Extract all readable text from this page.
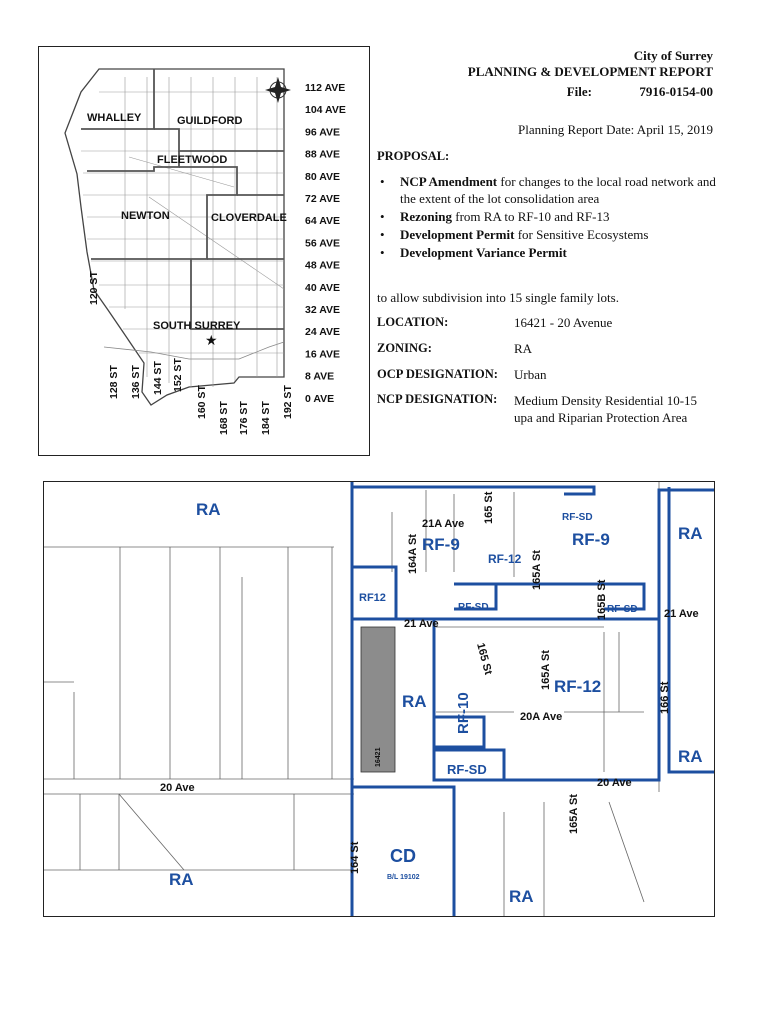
WHALLEY	GUILDFORD
FLEETWOOD
NEWTON	CLOVERDALE
SOUTH SURREY
★
112 AVE
104 AVE
96 AVE
88 AVE
80 AVE
72 AVE
64 AVE
56 AVE
48 AVE
40 AVE
32 AVE
24 AVE
16 AVE
8 AVE
0 AVE
120 ST
128 ST 136 ST 144 ST 152 ST
160 ST 168 ST 176 ST 184 ST 192 ST
City of Surrey
PLANNING & DEVELOPMENT REPORT
7916-0154-00
File:
Planning Report Date: April 15, 2019
PROPOSAL:
• NCP Amendment for changes to the local road network and the extent of the lot consolidation area
• Rezoning from RA to RF-10 and RF-13
• Development Permit for Sensitive Ecosystems
• Development Variance Permit
to allow subdivision into 15 single family lots.
LOCATION:	16421 - 20 Avenue
ZONING:	RA
OCP DESIGNATION: Urban
NCP DESIGNATION: Medium Density Residential 10-15 upa and Riparian Protection Area
RA
RA
RA
RA
RA
RA
RF-9	RF-9
RF-12
RF-12
RF12
RF-10
RF-SD
RF-SD	RF-SD
RF-SD
CD
21A Ave 165 St
164A St	165A St
165B St
21 Ave
21 Ave
165 St	165A St
20A Ave
166 St
20 Ave	20 Ave
164 St
165A St
16421
B/L 19102
